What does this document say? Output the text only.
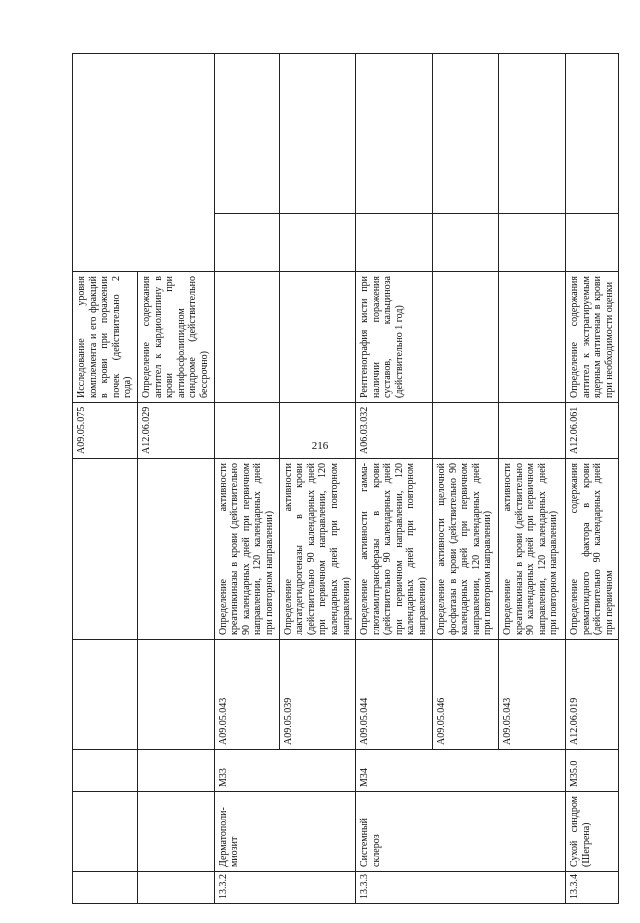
216
					A09.05.075	Исследование уровня комплемента и его фракций в крови при поражении почек (действительно 2 года)		
					A12.06.029	Определение содержания антител к кардиолипину в крови при антифосфолипидном синдроме (действительно бессрочно)		
13.3.2	Дерматополи-миозит	M33	A09.05.043	Определение активности креатинкиназы в крови (действительно 90 календарных дней при первичном направлении, 120 календарных дней при повторном направлении)				
			A09.05.039	Определение активности лактатдегидрогеназы в крови (действительно 90 календарных дней при первичном направлении, 120 календарных дней при повторном направлении)				
13.3.3	Системный склероз	M34	A09.05.044	Определение активности гамма-глютамилтрансферазы в крови (действительно 90 календарных дней при первичном направлении, 120 календарных дней при повторном направлении)	A06.03.032	Рентгенография кисти при наличии поражения суставов, кальциноза (действительно 1 год)		
			A09.05.046	Определение активности щелочной фосфатазы в крови (действительно 90 календарных дней при первичном направлении, 120 календарных дней при повторном направлении)				
			A09.05.043	Определение активности креатинкиназы в крови (действительно 90 календарных дней при первичном направлении, 120 календарных дней при повторном направлении)				
13.3.4	Сухой синдром (Шегрена)	M35.0	A12.06.019	Определение содержания ревматоидного фактора в крови (действительно 90 календарных дней при первичном	A12.06.061	Определение содержания антител к экстрагируемым ядерным антигенам в крови при необходимости оценки		
